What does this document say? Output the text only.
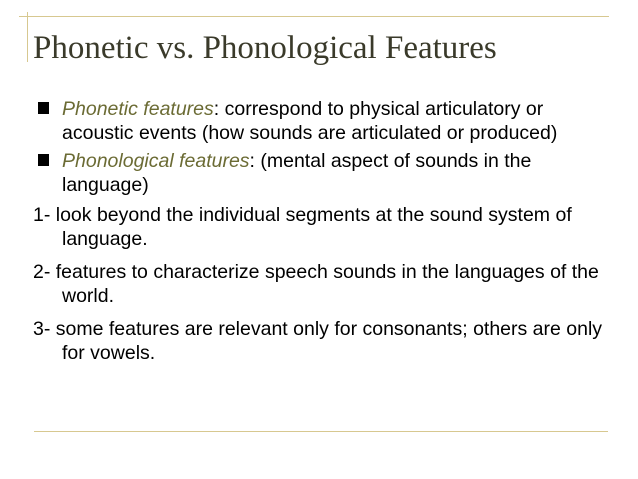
Phonetic vs. Phonological Features
Phonetic features: correspond to physical articulatory or acoustic events (how sounds are articulated or produced)
Phonological features: (mental aspect of sounds in the language)
1- look beyond the individual segments at the sound system of language.
2- features to characterize speech sounds in the languages of the world.
3- some features are relevant only for consonants; others are only for vowels.
